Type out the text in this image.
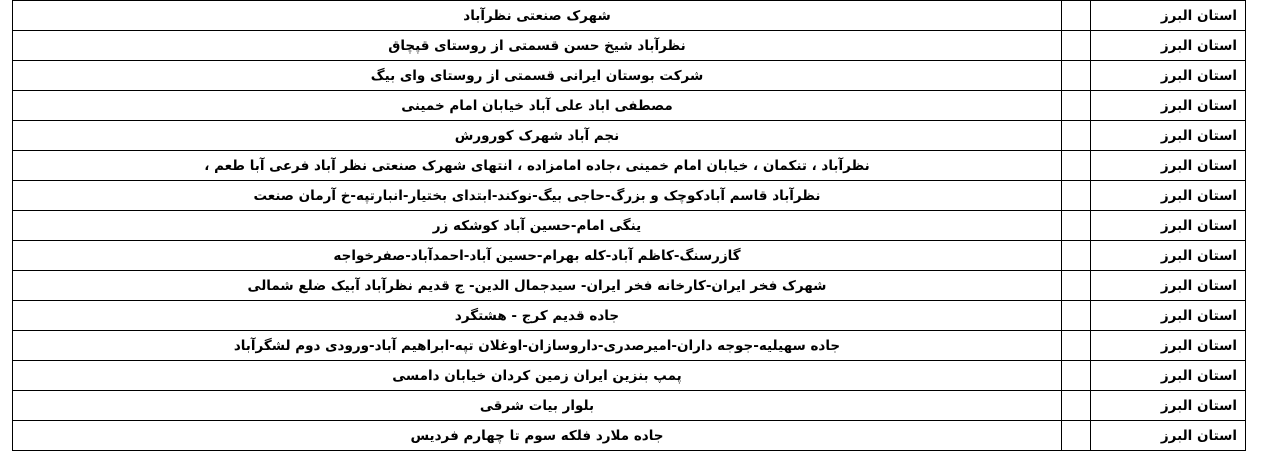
استان البرز		شهرک صنعتی نظرآباد
استان البرز		نظرآباد شیخ حسن قسمتی از روستای قپچاق
استان البرز		شرکت بوستان ایرانی قسمتی از روستای وای بیگ
استان البرز		مصطفی اباد علی آباد خیابان امام خمینی
استان البرز		نجم آباد شهرک کورورش
استان البرز		نظرآباد ، تنکمان ، خیابان امام خمینی ،جاده امامزاده ، انتهای شهرک صنعتی نظر آباد فرعی آبا طعم ،
استان البرز		نظرآباد قاسم آبادکوچک و بزرگ-حاجی بیگ-نوکند-ابتدای بختیار-انبارتپه-خ آرمان صنعت
استان البرز		ینگی امام-حسین آباد کوشکه زر
استان البرز		گازرسنگ-کاظم آباد-کله بهرام-حسین آباد-احمدآباد-صفرخواجه
استان البرز		شهرک فخر ایران-کارخانه فخر ایران- سیدجمال الدین- ج قدیم نظرآباد آبیک ضلع شمالی
استان البرز		جاده قدیم کرج - هشتگرد
استان البرز		جاده سهیلیه-جوجه داران-امیرصدری-داروسازان-اوغلان تپه-ابراهیم آباد-ورودی دوم لشگرآباد
استان البرز		پمپ بنزین ایران زمین کردان خیابان دامسی
استان البرز		بلوار بیات شرقی
استان البرز		جاده ملارد فلکه سوم تا چهارم فردیس
